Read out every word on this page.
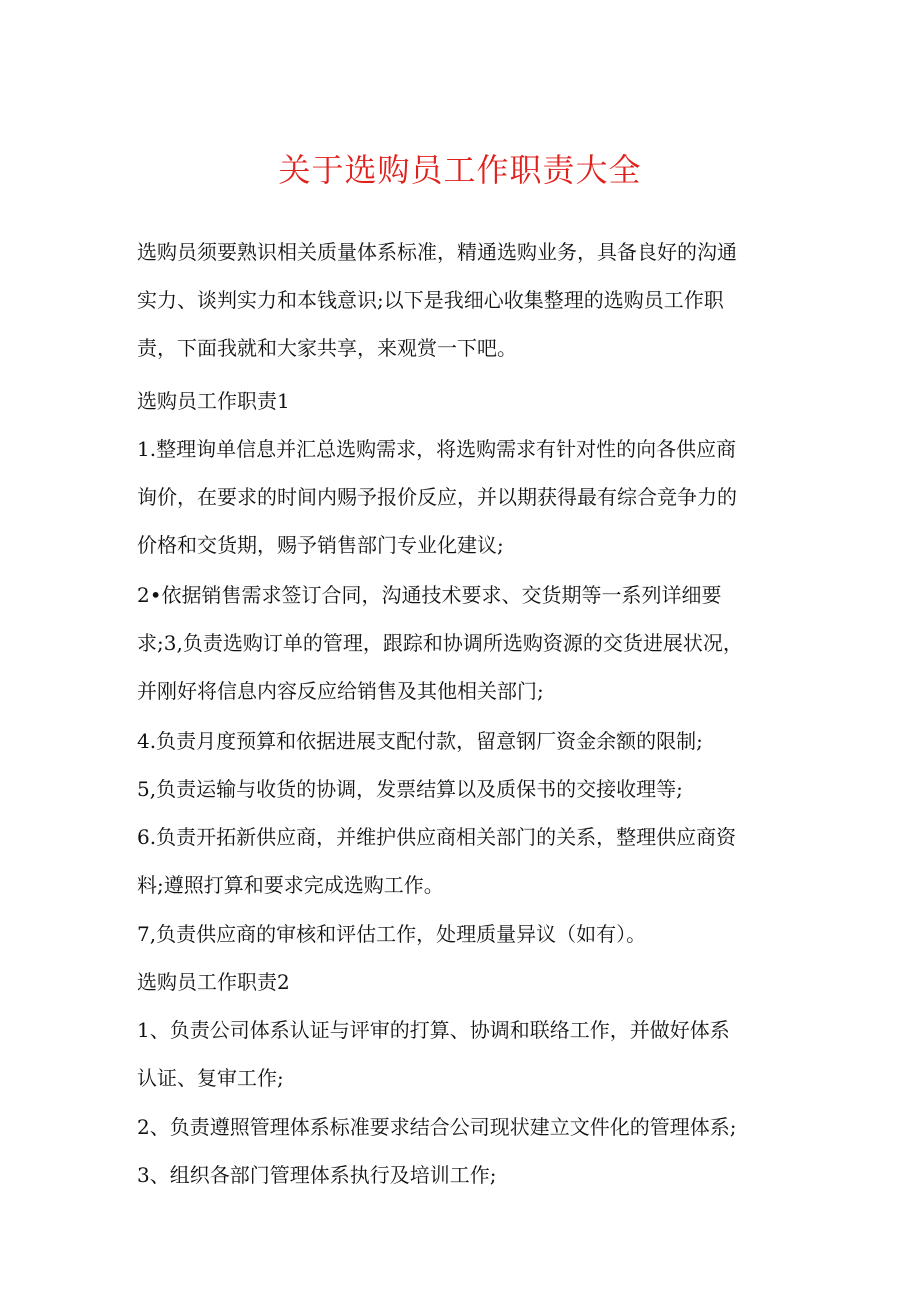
关于选购员工作职责大全

选购员须要熟识相关质量体系标准，精通选购业务，具备良好的沟通
实力、谈判实力和本钱意识;以下是我细心收集整理的选购员工作职
责，下面我就和大家共享，来观赏一下吧。

选购员工作职责1

1.整理询单信息并汇总选购需求，将选购需求有针对性的向各供应商
询价，在要求的时间内赐予报价反应，并以期获得最有综合竞争力的
价格和交货期，赐予销售部门专业化建议;

2•依据销售需求签订合同，沟通技术要求、交货期等一系列详细要
求;3,负责选购订单的管理，跟踪和协调所选购资源的交货进展状况，
并刚好将信息内容反应给销售及其他相关部门;

4.负责月度预算和依据进展支配付款，留意钢厂资金余额的限制;

5,负责运输与收货的协调，发票结算以及质保书的交接收理等;

6.负责开拓新供应商，并维护供应商相关部门的关系，整理供应商资
料;遵照打算和要求完成选购工作。

7,负责供应商的审核和评估工作，处理质量异议（如有）。

选购员工作职责2

1、负责公司体系认证与评审的打算、协调和联络工作，并做好体系
认证、复审工作;

2、负责遵照管理体系标准要求结合公司现状建立文件化的管理体系;

3、组织各部门管理体系执行及培训工作;
